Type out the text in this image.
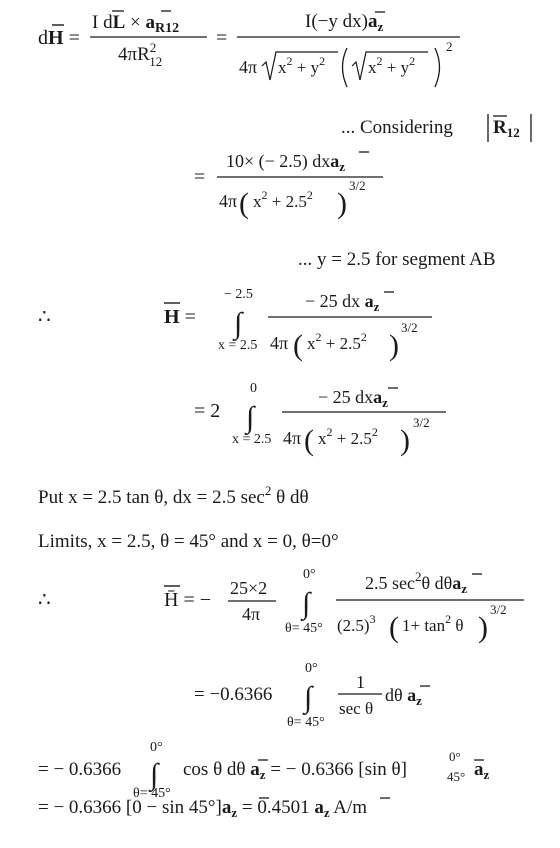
dH =
I dL × $a_{R12}$
$4\pi R^2$ 12
=
I(−y $dx)a_z$
4π $x^2 + y^2$	$x^2 + y^2$
2
... Considering $R_{12}$
=
10× (− 2.5) dxa$_z$
4π ( $x^2 + 2.5^2$ )
3/2
... y = 2.5 for segment AB
∴	H =
− 2.5
∫
x = 2.5
− 25 dx $a_z$
4π ( $x^2 + 2.5^2$ )
3/2
= 2
0
∫
x = 2.5
− 25 dxa$_z$
4π ( $x^2 + 2.5^2$ )
3/2
Put x = 2.5 tan θ, dx = 2.5 $\sec^2 \theta$ dθ
Limits, x = 2.5, θ = 45° and x = 0, θ=0°
∴	H̄ = −
25×2
4π
0°
∫
θ= 45°
2.5 $\sec^2\theta$ dθa$_z$
$(2.5)^3$ ( $1+ \tan^2 \theta$ )
3/2
= −0.6366
0°
∫
θ= 45°
1
sec θ
dθ $a_z$
0°
= − 0.6366 ∫ cos θ dθ $a_z$ = − 0.6366 [sin θ]
0°
45° $a_z$
θ= 45°
= − 0.6366 $[0 - \sin 45^\circ]a_z = 0.4501$ $a_z$ A/m
